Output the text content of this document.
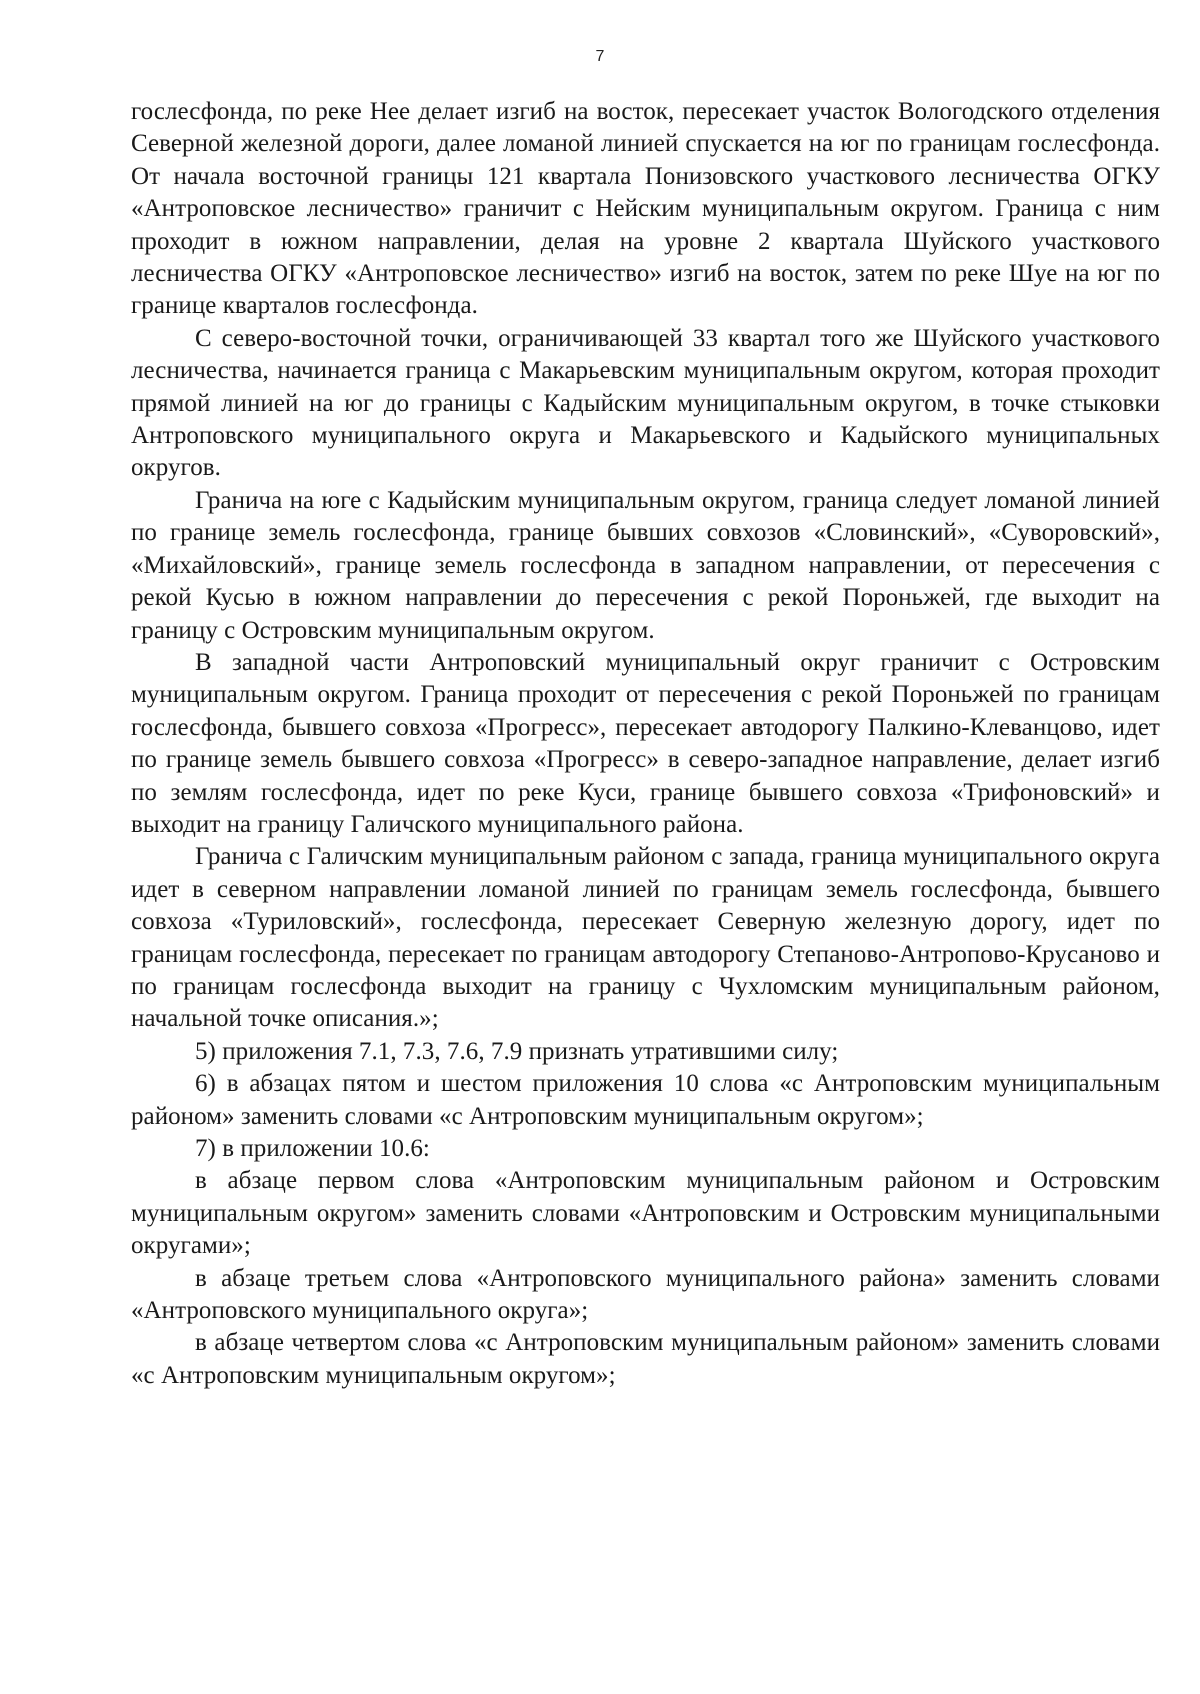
7

гослесфонда, по реке Нее делает изгиб на восток, пересекает участок Вологодского отделения Северной железной дороги, далее ломаной линией спускается на юг по границам гослесфонда. От начала восточной границы 121 квартала Понизовского участкового лесничества ОГКУ «Антроповское лесничество» граничит с Нейским муниципальным округом. Граница с ним проходит в южном направлении, делая на уровне 2 квартала Шуйского участкового лесничества ОГКУ «Антроповское лесничество» изгиб на восток, затем по реке Шуе на юг по границе кварталов гослесфонда.

С северо-восточной точки, ограничивающей 33 квартал того же Шуйского участкового лесничества, начинается граница с Макарьевским муниципальным округом, которая проходит прямой линией на юг до границы с Кадыйским муниципальным округом, в точке стыковки Антроповского муниципального округа и Макарьевского и Кадыйского муниципальных округов.

Гранича на юге с Кадыйским муниципальным округом, граница следует ломаной линией по границе земель гослесфонда, границе бывших совхозов «Словинский», «Суворовский», «Михайловский», границе земель гослесфонда в западном направлении, от пересечения с рекой Кусью в южном направлении до пересечения с рекой Пороньжей, где выходит на границу с Островским муниципальным округом.

В западной части Антроповский муниципальный округ граничит с Островским муниципальным округом. Граница проходит от пересечения с рекой Пороньжей по границам гослесфонда, бывшего совхоза «Прогресс», пересекает автодорогу Палкино-Клеванцово, идет по границе земель бывшего совхоза «Прогресс» в северо-западное направление, делает изгиб по землям гослесфонда, идет по реке Куси, границе бывшего совхоза «Трифоновский» и выходит на границу Галичского муниципального района.

Гранича с Галичским муниципальным районом с запада, граница муниципального округа идет в северном направлении ломаной линией по границам земель гослесфонда, бывшего совхоза «Туриловский», гослесфонда, пересекает Северную железную дорогу, идет по границам гослесфонда, пересекает по границам автодорогу Степаново-Антропово-Крусаново и по границам гослесфонда выходит на границу с Чухломским муниципальным районом, начальной точке описания.»;

5) приложения 7.1, 7.3, 7.6, 7.9 признать утратившими силу;

6) в абзацах пятом и шестом приложения 10 слова «с Антроповским муниципальным районом» заменить словами «с Антроповским муниципальным округом»;

7) в приложении 10.6:

в абзаце первом слова «Антроповским муниципальным районом и Островским муниципальным округом» заменить словами «Антроповским и Островским муниципальными округами»;

в абзаце третьем слова «Антроповского муниципального района» заменить словами «Антроповского муниципального округа»;

в абзаце четвертом слова «с Антроповским муниципальным районом» заменить словами «с Антроповским муниципальным округом»;
